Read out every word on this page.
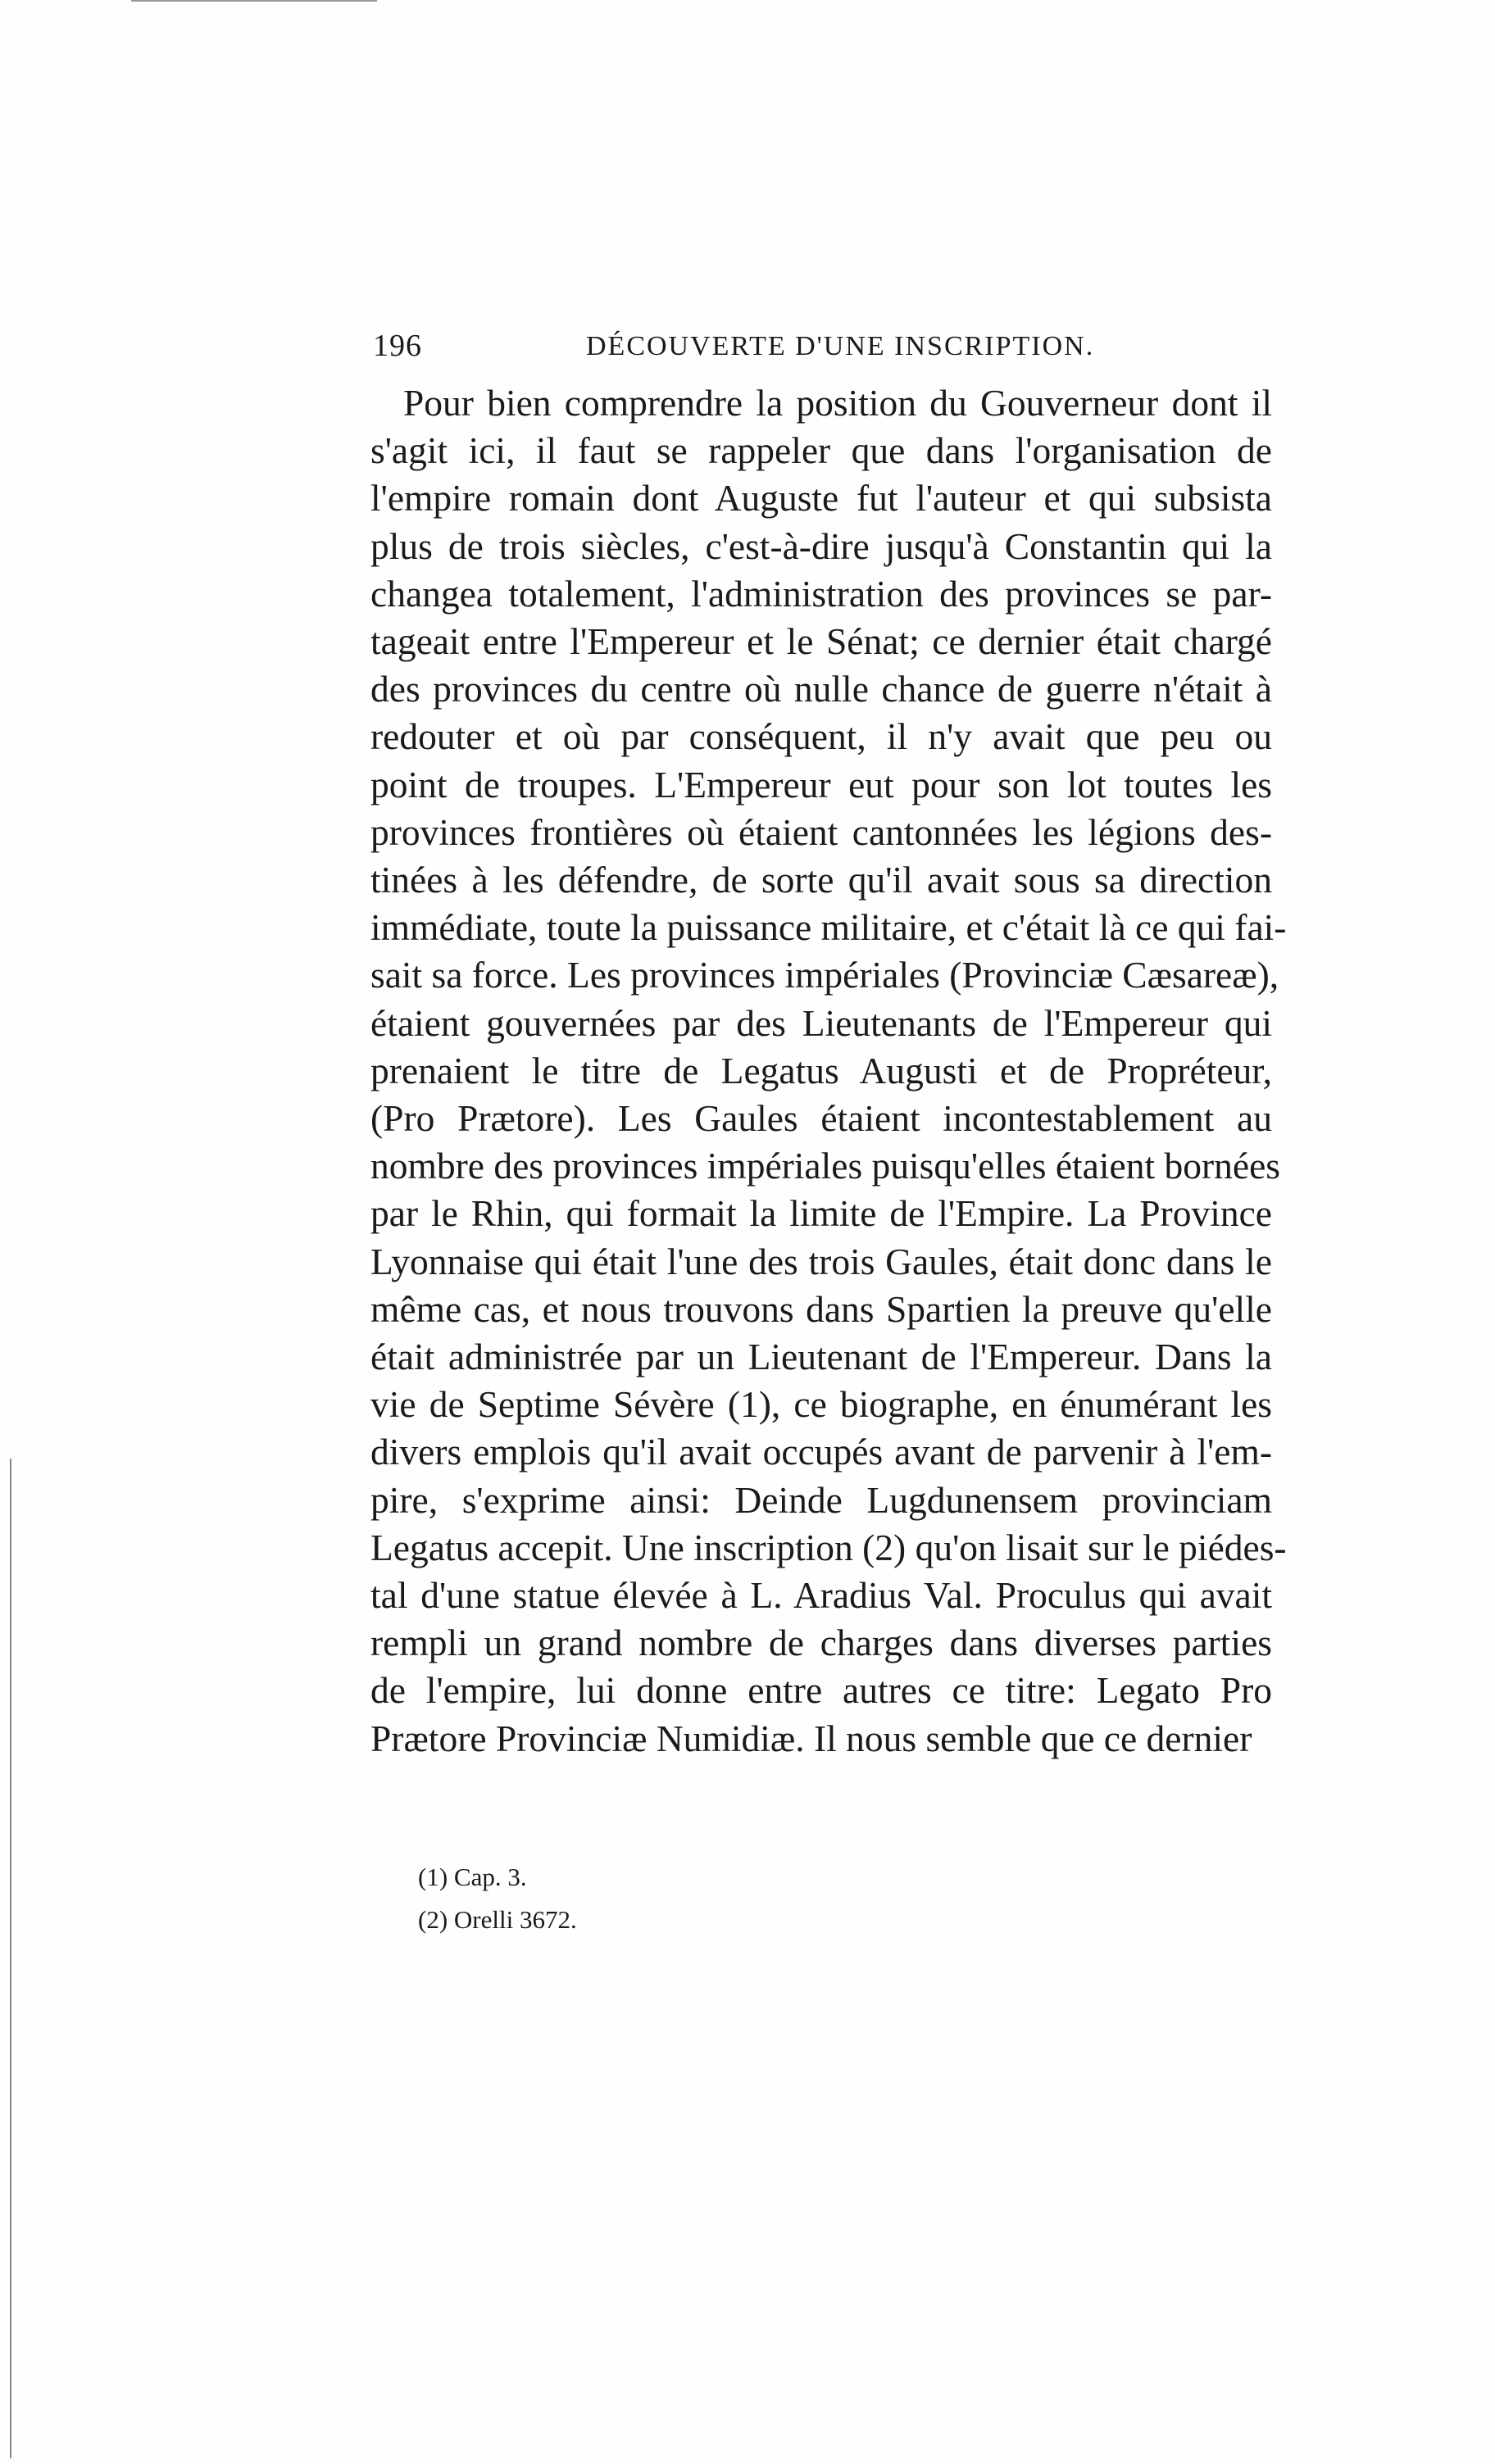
196	DÉCOUVERTE D'UNE INSCRIPTION.
Pour bien comprendre la position du Gouverneur dont il
s'agit ici, il faut se rappeler que dans l'organisation de
l'empire romain dont Auguste fut l'auteur et qui subsista
plus de trois siècles, c'est-à-dire jusqu'à Constantin qui la
changea totalement, l'administration des provinces se par-
tageait entre l'Empereur et le Sénat; ce dernier était chargé
des provinces du centre où nulle chance de guerre n'était à
redouter et où par conséquent, il n'y avait que peu ou
point de troupes. L'Empereur eut pour son lot toutes les
provinces frontières où étaient cantonnées les légions des-
tinées à les défendre, de sorte qu'il avait sous sa direction
immédiate, toute la puissance militaire, et c'était là ce qui fai-
sait sa force. Les provinces impériales (Provinciæ Cæsareæ),
étaient gouvernées par des Lieutenants de l'Empereur qui
prenaient le titre de Legatus Augusti et de Propréteur,
(Pro Prætore). Les Gaules étaient incontestablement au
nombre des provinces impériales puisqu'elles étaient bornées
par le Rhin, qui formait la limite de l'Empire. La Province
Lyonnaise qui était l'une des trois Gaules, était donc dans le
même cas, et nous trouvons dans Spartien la preuve qu'elle
était administrée par un Lieutenant de l'Empereur. Dans la
vie de Septime Sévère (1), ce biographe, en énumérant les
divers emplois qu'il avait occupés avant de parvenir à l'em-
pire, s'exprime ainsi: Deinde Lugdunensem provinciam
Legatus accepit. Une inscription (2) qu'on lisait sur le piédes-
tal d'une statue élevée à L. Aradius Val. Proculus qui avait
rempli un grand nombre de charges dans diverses parties
de l'empire, lui donne entre autres ce titre: Legato Pro
Prætore Provinciæ Numidiæ. Il nous semble que ce dernier
(1) Cap. 3.
(2) Orelli 3672.
